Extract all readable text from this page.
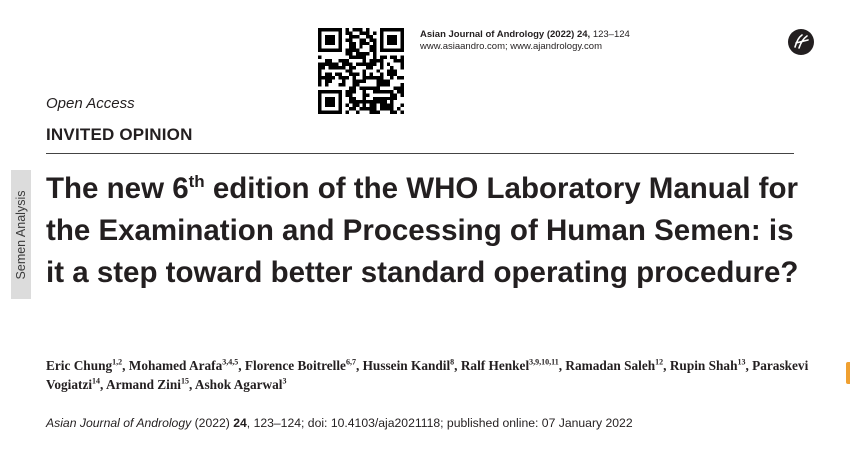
Asian Journal of Andrology (2022) 24, 123–124
www.asiaandro.com; www.ajandrology.com
Open Access
INVITED OPINION
Semen Analysis
The new 6th edition of the WHO Laboratory Manual for the Examination and Processing of Human Semen: is it a step toward better standard operating procedure?
Eric Chung$^{1,2}$, Mohamed Arafa$^{3,4,5}$, Florence Boitrelle$^{6,7}$, Hussein Kandil$^8$, Ralf Henkel$^{3,9,10,11}$, Ramadan Saleh$^{12}$, Rupin Shah$^{13}$, Paraskevi Vogiatzi$^{14}$, Armand Zini$^{15}$, Ashok Agarwal$^3$
Asian Journal of Andrology (2022) 24, 123–124; doi: 10.4103/aja2021118; published online: 07 January 2022
